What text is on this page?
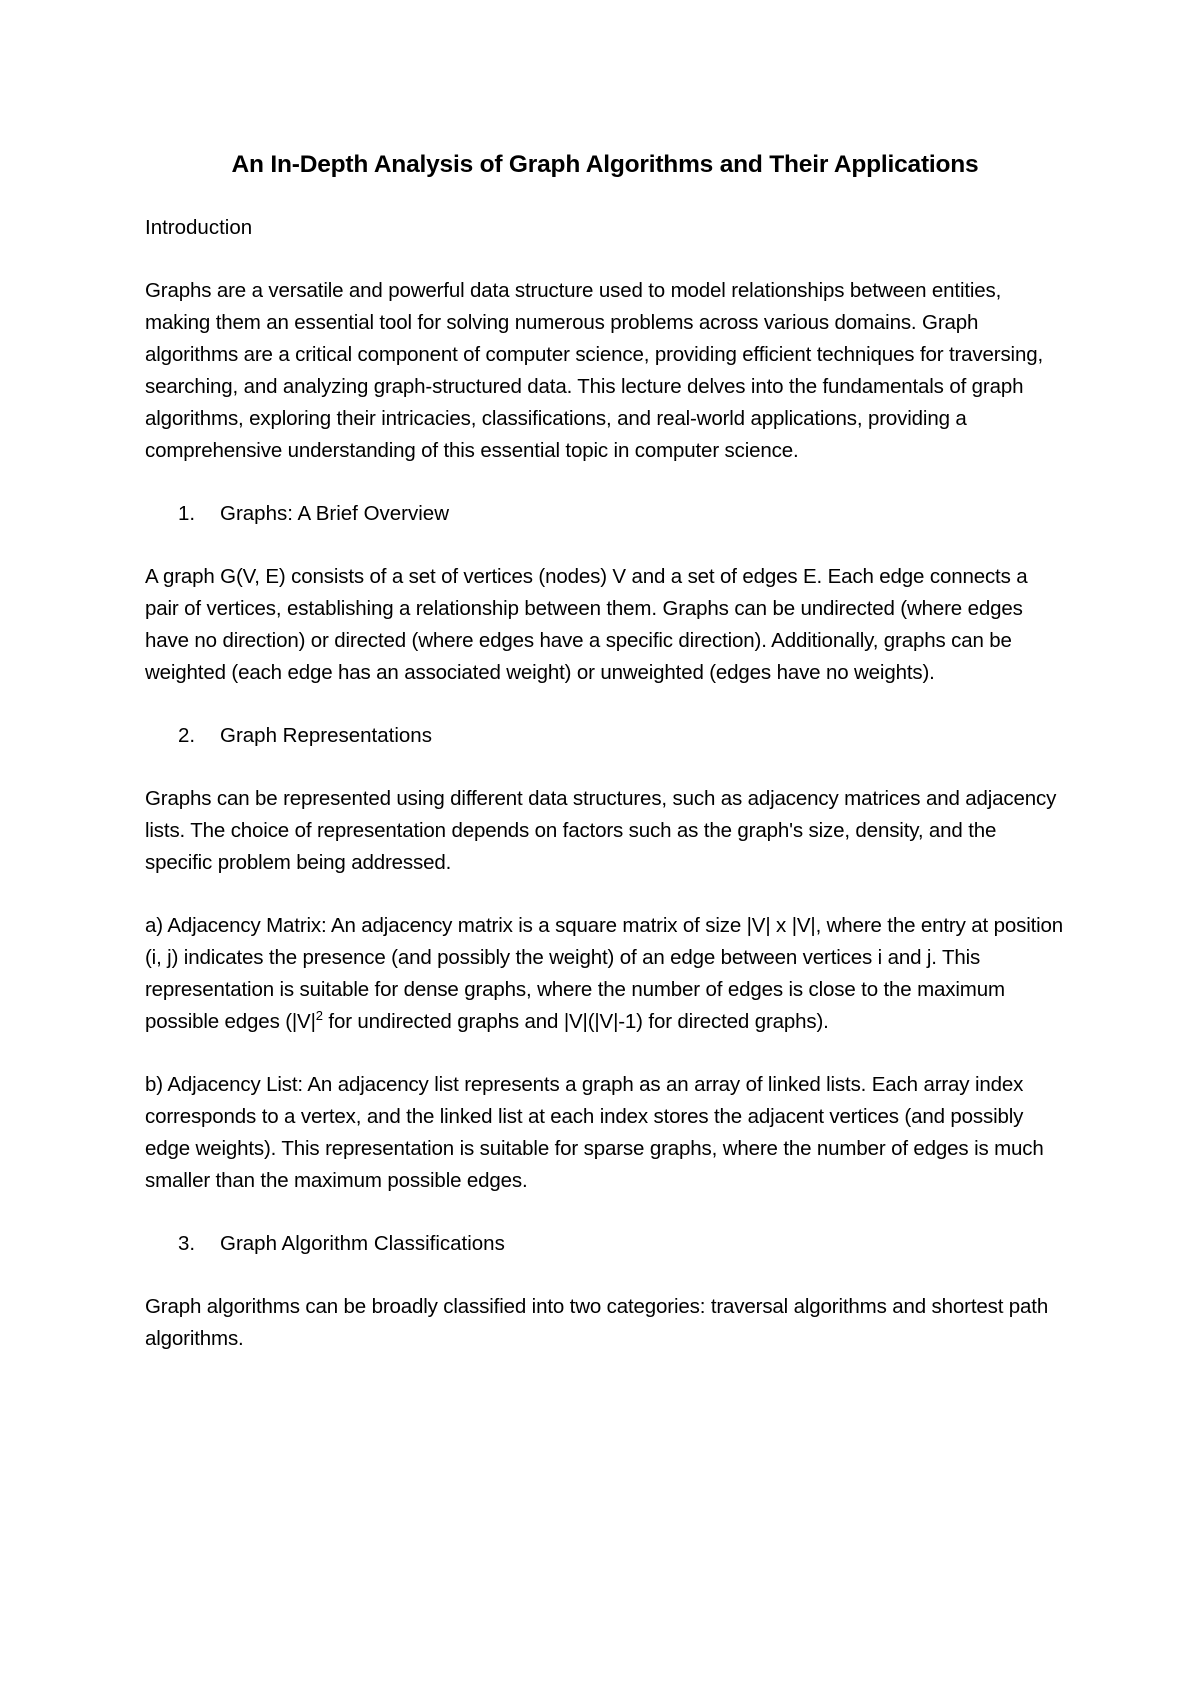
An In-Depth Analysis of Graph Algorithms and Their Applications
Introduction
Graphs are a versatile and powerful data structure used to model relationships between entities, making them an essential tool for solving numerous problems across various domains. Graph algorithms are a critical component of computer science, providing efficient techniques for traversing, searching, and analyzing graph-structured data. This lecture delves into the fundamentals of graph algorithms, exploring their intricacies, classifications, and real-world applications, providing a comprehensive understanding of this essential topic in computer science.
1.	Graphs: A Brief Overview
A graph G(V, E) consists of a set of vertices (nodes) V and a set of edges E. Each edge connects a pair of vertices, establishing a relationship between them. Graphs can be undirected (where edges have no direction) or directed (where edges have a specific direction). Additionally, graphs can be weighted (each edge has an associated weight) or unweighted (edges have no weights).
2.	Graph Representations
Graphs can be represented using different data structures, such as adjacency matrices and adjacency lists. The choice of representation depends on factors such as the graph's size, density, and the specific problem being addressed.
a) Adjacency Matrix: An adjacency matrix is a square matrix of size |V| x |V|, where the entry at position (i, j) indicates the presence (and possibly the weight) of an edge between vertices i and j. This representation is suitable for dense graphs, where the number of edges is close to the maximum possible edges ($|V|^2$ for undirected graphs and |V|(|V|-1) for directed graphs).
b) Adjacency List: An adjacency list represents a graph as an array of linked lists. Each array index corresponds to a vertex, and the linked list at each index stores the adjacent vertices (and possibly edge weights). This representation is suitable for sparse graphs, where the number of edges is much smaller than the maximum possible edges.
3.	Graph Algorithm Classifications
Graph algorithms can be broadly classified into two categories: traversal algorithms and shortest path algorithms.
